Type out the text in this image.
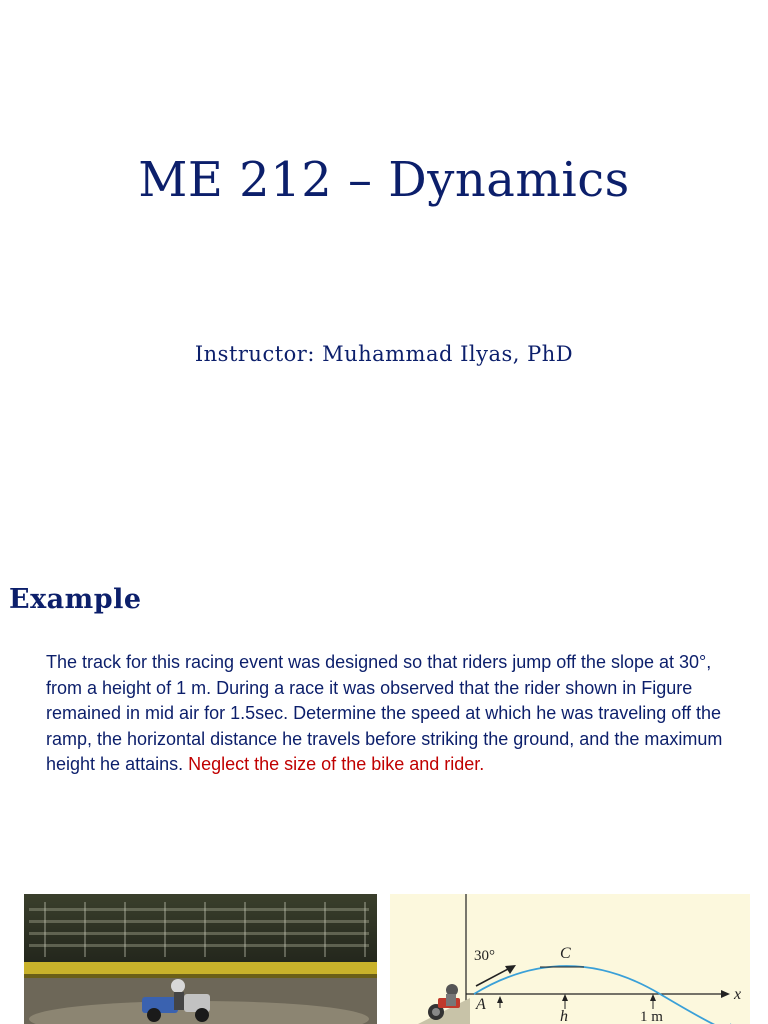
ME 212 – Dynamics
Instructor: Muhammad Ilyas, PhD
Example
The track for this racing event was designed so that riders jump off the slope at 30°, from a height of 1 m. During a race it was observed that the rider shown in Figure remained in mid air for 1.5sec. Determine the speed at which he was traveling off the ramp, the horizontal distance he travels before striking the ground, and the maximum height he attains. Neglect the size of the bike and rider.
x
30°	C
h	1 m
A
